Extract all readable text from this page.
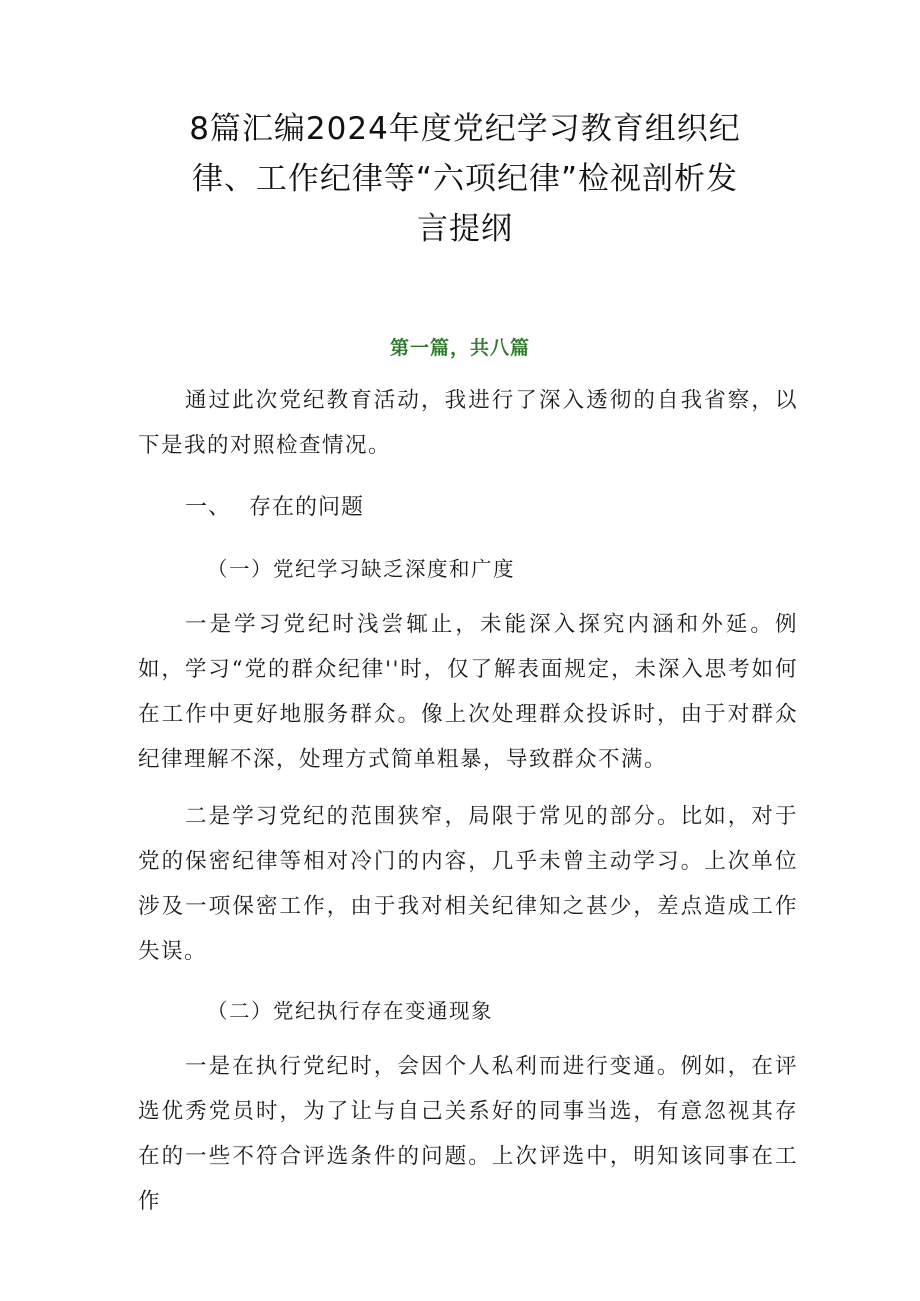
8篇汇编2024年度党纪学习教育组织纪
律、工作纪律等“六项纪律”检视剖析发
言提纲
第一篇，共八篇

通过此次党纪教育活动，我进行了深入透彻的自我省察，以下是我的对照检查情况。

一、 存在的问题
（一）党纪学习缺乏深度和广度

一是学习党纪时浅尝辄止，未能深入探究内涵和外延。例如，学习“党的群众纪律''时，仅了解表面规定，未深入思考如何在工作中更好地服务群众。像上次处理群众投诉时，由于对群众纪律理解不深，处理方式简单粗暴，导致群众不满。

二是学习党纪的范围狭窄，局限于常见的部分。比如，对于党的保密纪律等相对冷门的内容，几乎未曾主动学习。上次单位涉及一项保密工作，由于我对相关纪律知之甚少，差点造成工作失误。

（二）党纪执行存在变通现象

一是在执行党纪时，会因个人私利而进行变通。例如，在评选优秀党员时，为了让与自己关系好的同事当选，有意忽视其存在的一些不符合评选条件的问题。上次评选中，明知该同事在工作
